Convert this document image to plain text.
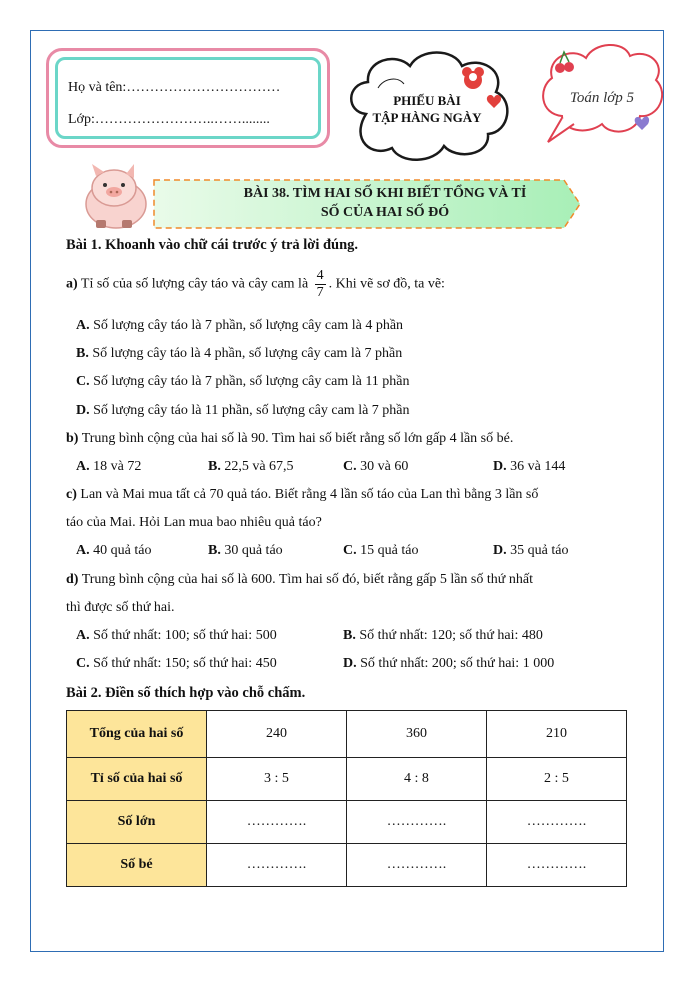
Họ và tên:……………………………
Lớp:……………………..……........
PHIẾU BÀI
TẬP HÀNG NGÀY
Toán lớp 5
BÀI 38. TÌM HAI SỐ KHI BIẾT TỔNG VÀ TỈ
SỐ CỦA HAI SỐ ĐÓ
Bài 1. Khoanh vào chữ cái trước ý trả lời đúng.
a) Tỉ số của số lượng cây táo và cây cam là $\frac{4}{7}$ . Khi vẽ sơ đồ, ta vẽ:
A. Số lượng cây táo là 7 phần, số lượng cây cam là 4 phần
B. Số lượng cây táo là 4 phần, số lượng cây cam là 7 phần
C. Số lượng cây táo là 7 phần, số lượng cây cam là 11 phần
D. Số lượng cây táo là 11 phần, số lượng cây cam là 7 phần
b) Trung bình cộng của hai số là 90. Tìm hai số biết rằng số lớn gấp 4 lần số bé.
A. 18 và 72	B. 22,5 và 67,5	C. 30 và 60	D. 36 và 144
c) Lan và Mai mua tất cả 70 quả táo. Biết rằng 4 lần số táo của Lan thì bằng 3 lần số
táo của Mai. Hỏi Lan mua bao nhiêu quả táo?
A. 40 quả táo	B. 30 quả táo	C. 15 quả táo	D. 35 quả táo
d) Trung bình cộng của hai số là 600. Tìm hai số đó, biết rằng gấp 5 lần số thứ nhất
thì được số thứ hai.
A. Số thứ nhất: 100; số thứ hai: 500	B. Số thứ nhất: 120; số thứ hai: 480
C. Số thứ nhất: 150; số thứ hai: 450	D. Số thứ nhất: 200; số thứ hai: 1 000
Bài 2. Điền số thích hợp vào chỗ chấm.
Tổng của hai số	240	360	210
Tỉ số của hai số	3 : 5	4 : 8	2 : 5
Số lớn	………….	………….	………….
Số bé	………….	………….	………….
